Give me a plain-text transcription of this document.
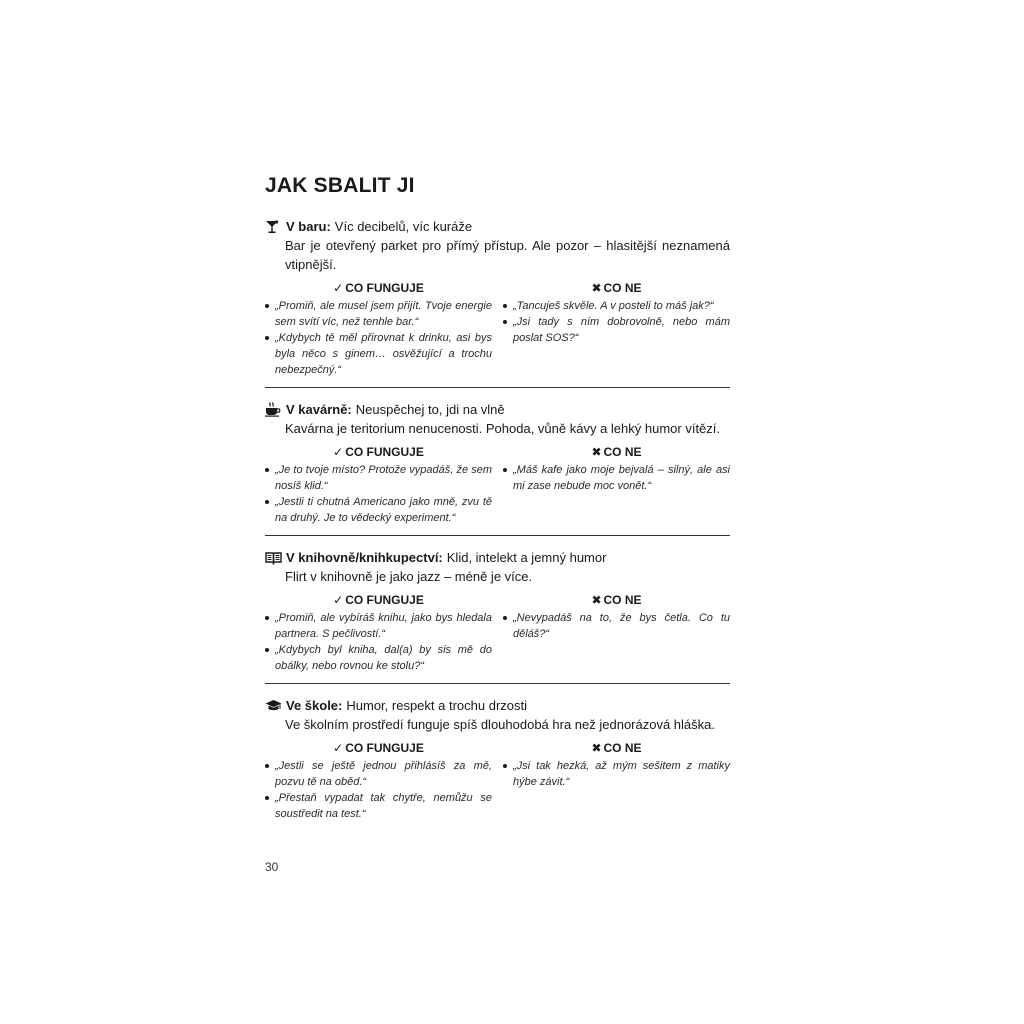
JAK SBALIT JI
V baru: Víc decibelů, víc kuráže
Bar je otevřený parket pro přímý přístup. Ale pozor – hlasitější neznamená vtipnější.
✓ CO FUNGUJE
„Promiň, ale musel jsem přijít. Tvoje energie sem svítí víc, než tenhle bar.“
„Kdybych tě měl přirovnat k drinku, asi bys byla něco s ginem… osvěžující a trochu nebezpečný.“
✖ CO NE
„Tancuješ skvěle. A v posteli to máš jak?“
„Jsi tady s ním dobrovolně, nebo mám poslat SOS?“
V kavárně: Neuspěchej to, jdi na vlně
Kavárna je teritorium nenucenosti. Pohoda, vůně kávy a lehký humor vítězí.
✓ CO FUNGUJE
„Je to tvoje místo? Protože vypadáš, že sem nosíš klid.“
„Jestli ti chutná Americano jako mně, zvu tě na druhý. Je to vědecký experiment.“
✖ CO NE
„Máš kafe jako moje bejvalá – silný, ale asi mi zase nebude moc vonět.“
V knihovně/knihkupectví: Klid, intelekt a jemný humor
Flirt v knihovně je jako jazz – méně je více.
✓ CO FUNGUJE
„Promiň, ale vybíráš knihu, jako bys hledala partnera. S pečlivostí.“
„Kdybych byl kniha, dal(a) by sis mě do obálky, nebo rovnou ke stolu?“
✖ CO NE
„Nevypadáš na to, že bys četla. Co tu děláš?“
Ve škole: Humor, respekt a trochu drzosti
Ve školním prostředí funguje spíš dlouhodobá hra než jednorázová hláška.
✓ CO FUNGUJE
„Jestli se ještě jednou přihlásíš za mě, pozvu tě na oběd.“
„Přestaň vypadat tak chytře, nemůžu se soustředit na test.“
✖ CO NE
„Jsi tak hezká, až mým sešitem z matiky hýbe závit.“
30
